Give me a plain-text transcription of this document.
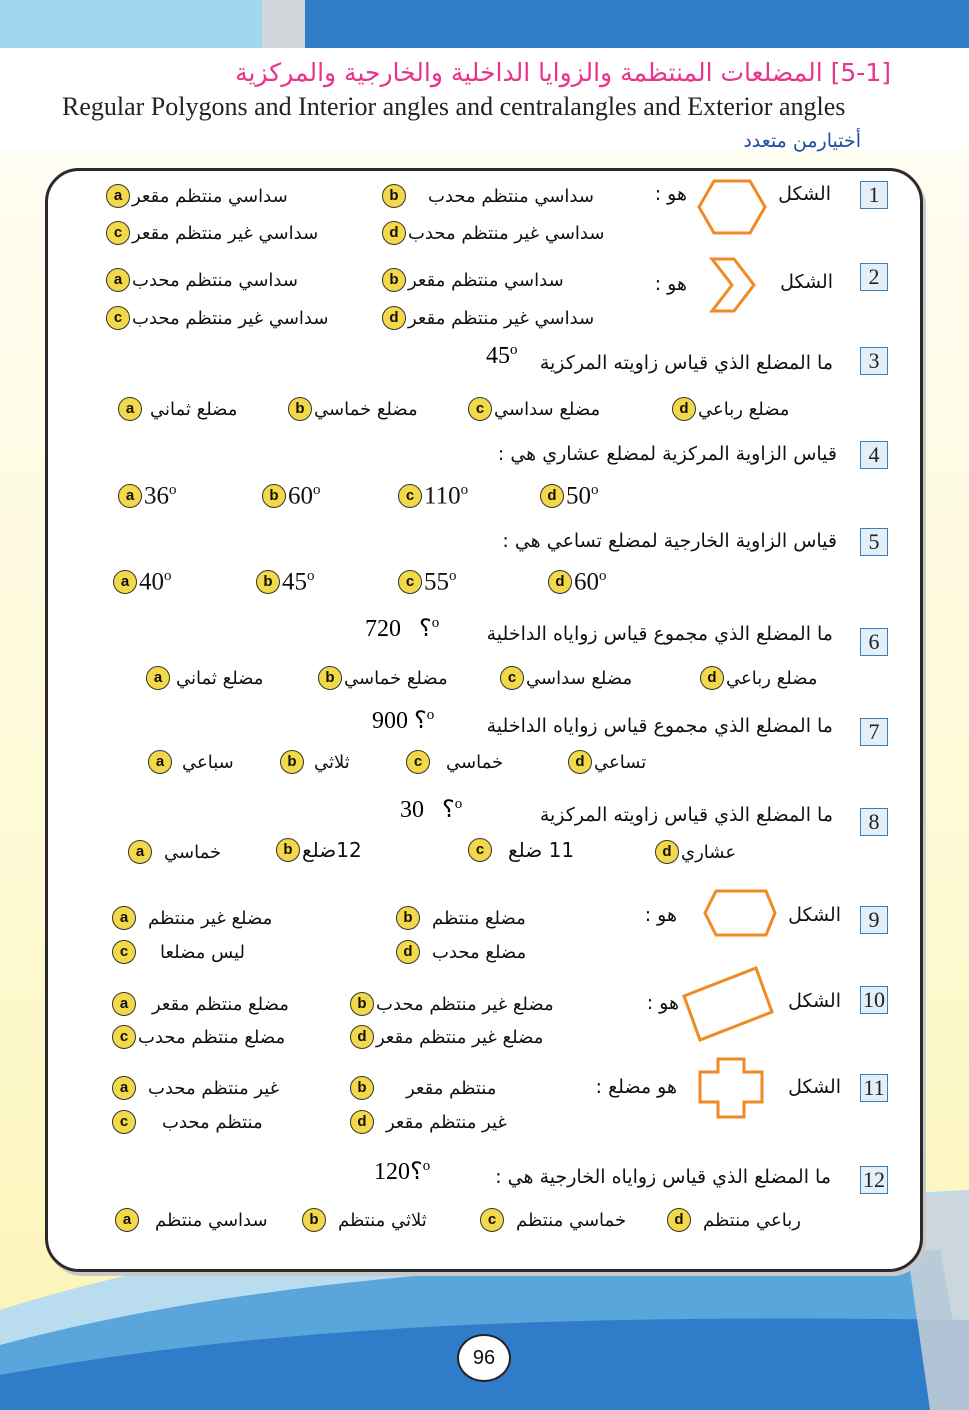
[5-1] المضلعات المنتظمة والزوايا الداخلية والخارجية والمركزية
Regular Polygons and Interior angles and centralangles and Exterior angles
أختيارمن متعدد
1
الشكل
هو :
a سداسي منتظم مقعر	b	سداسي منتظم محدب
c سداسي غير منتظم مقعر	d سداسي غير منتظم محدب
2
الشكل
هو :
a سداسي منتظم محدب	b سداسي منتظم مقعر
c سداسي غير منتظم محدب	d سداسي غير منتظم مقعر
3
ما المضلع الذي قياس زاويته المركزية
45$^o$
a مضلع ثماني	b مضلع خماسي	c مضلع سداسي	d مضلع رباعي
4
قياس الزاوية المركزية لمضلع عشاري هي :
a 36$^o$	b 60$^o$	c 110$^o$	d 50$^o$
5
قياس الزاوية الخارجية لمضلع تساعي هي :
a 40$^o$	b 45$^o$	c 55$^o$	d 60$^o$
6
ما المضلع الذي مجموع قياس زواياه الداخلية
؟   720 $^o$
a مضلع ثماني	b مضلع خماسي	c مضلع سداسي	d مضلع رباعي
7
ما المضلع الذي مجموع قياس زواياه الداخلية
؟ 900 $^o$
a سباعي	b ثلاثي	c	خماسي	d تساعي
8
ما المضلع الذي قياس زاويته المركزية
؟   30 $^o$
a	خماسي	b 12ضلع	c	11 ضلع	d عشاري
9
الشكل
هو :
a	مضلع غير منتظم	b	مضلع منتظم
c	ليس مضلعا	d	مضلع محدب
10
الشكل
هو :
a	مضلع منتظم مقعر	b مضلع غير منتظم محدب
c مضلع منتظم محدب	d مضلع غير منتظم مقعر
11
الشكل
هو مضلع :
a	غير منتظم محدب	b	منتظم مقعر
c	منتظم محدب	d	غير منتظم مقعر
12
ما المضلع الذي قياس زواياه الخارجية هي :
؟120 $^o$
a	سداسي منتظم	b	ثلاثي منتظم	c	خماسي منتظم	d	رباعي منتظم
96
